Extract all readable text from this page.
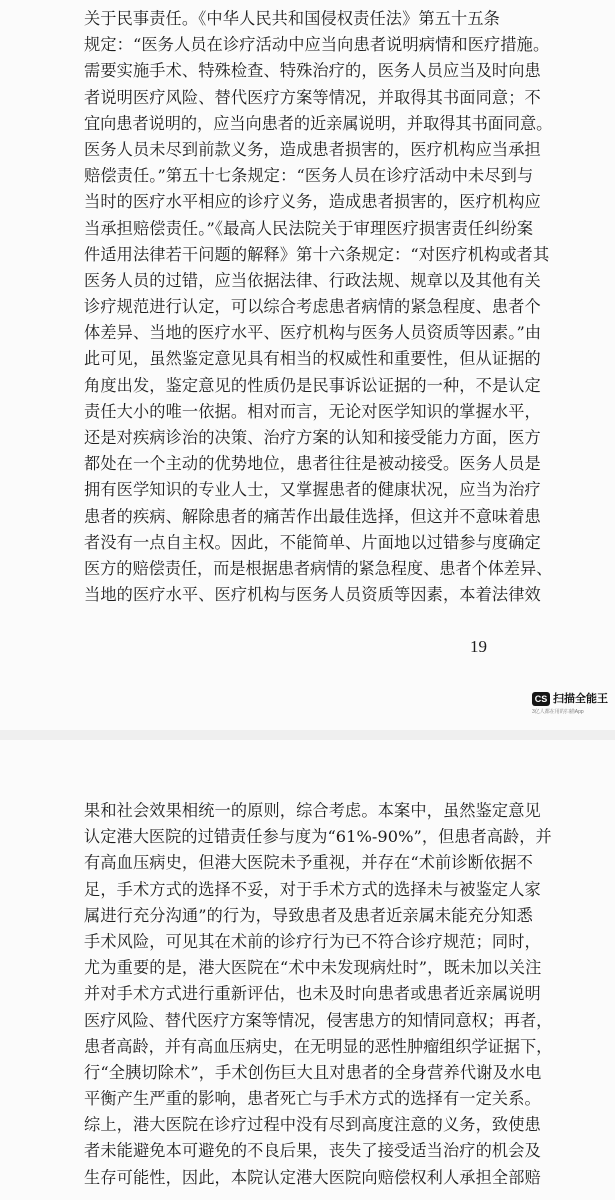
关于民事责任。《中华人民共和国侵权责任法》第五十五条
规定：“医务人员在诊疗活动中应当向患者说明病情和医疗措施。
需要实施手术、特殊检查、特殊治疗的，医务人员应当及时向患
者说明医疗风险、替代医疗方案等情况，并取得其书面同意；不
宜向患者说明的，应当向患者的近亲属说明，并取得其书面同意。
医务人员未尽到前款义务，造成患者损害的，医疗机构应当承担
赔偿责任。”第五十七条规定：“医务人员在诊疗活动中未尽到与
当时的医疗水平相应的诊疗义务，造成患者损害的，医疗机构应
当承担赔偿责任。”《最高人民法院关于审理医疗损害责任纠纷案
件适用法律若干问题的解释》第十六条规定：“对医疗机构或者其
医务人员的过错，应当依据法律、行政法规、规章以及其他有关
诊疗规范进行认定，可以综合考虑患者病情的紧急程度、患者个
体差异、当地的医疗水平、医疗机构与医务人员资质等因素。”由
此可见，虽然鉴定意见具有相当的权威性和重要性，但从证据的
角度出发，鉴定意见的性质仍是民事诉讼证据的一种，不是认定
责任大小的唯一依据。相对而言，无论对医学知识的掌握水平，
还是对疾病诊治的决策、治疗方案的认知和接受能力方面，医方
都处在一个主动的优势地位，患者往往是被动接受。医务人员是
拥有医学知识的专业人士，又掌握患者的健康状况，应当为治疗
患者的疾病、解除患者的痛苦作出最佳选择，但这并不意味着患
者没有一点自主权。因此，不能简单、片面地以过错参与度确定
医方的赔偿责任，而是根据患者病情的紧急程度、患者个体差异、
当地的医疗水平、医疗机构与医务人员资质等因素，本着法律效
19
CS 扫描全能王
3亿人都在用的扫描App
果和社会效果相统一的原则，综合考虑。本案中，虽然鉴定意见
认定港大医院的过错责任参与度为“61%-90%”，但患者高龄，并
有高血压病史，但港大医院未予重视，并存在“术前诊断依据不
足，手术方式的选择不妥，对于手术方式的选择未与被鉴定人家
属进行充分沟通”的行为，导致患者及患者近亲属未能充分知悉
手术风险，可见其在术前的诊疗行为已不符合诊疗规范；同时，
尤为重要的是，港大医院在“术中未发现病灶时”，既未加以关注
并对手术方式进行重新评估，也未及时向患者或患者近亲属说明
医疗风险、替代医疗方案等情况，侵害患方的知情同意权；再者，
患者高龄，并有高血压病史，在无明显的恶性肿瘤组织学证据下，
行“全胰切除术”，手术创伤巨大且对患者的全身营养代谢及水电
平衡产生严重的影响，患者死亡与手术方式的选择有一定关系。
综上，港大医院在诊疗过程中没有尽到高度注意的义务，致使患
者未能避免本可避免的不良后果，丧失了接受适当治疗的机会及
生存可能性，因此，本院认定港大医院向赔偿权利人承担全部赔
